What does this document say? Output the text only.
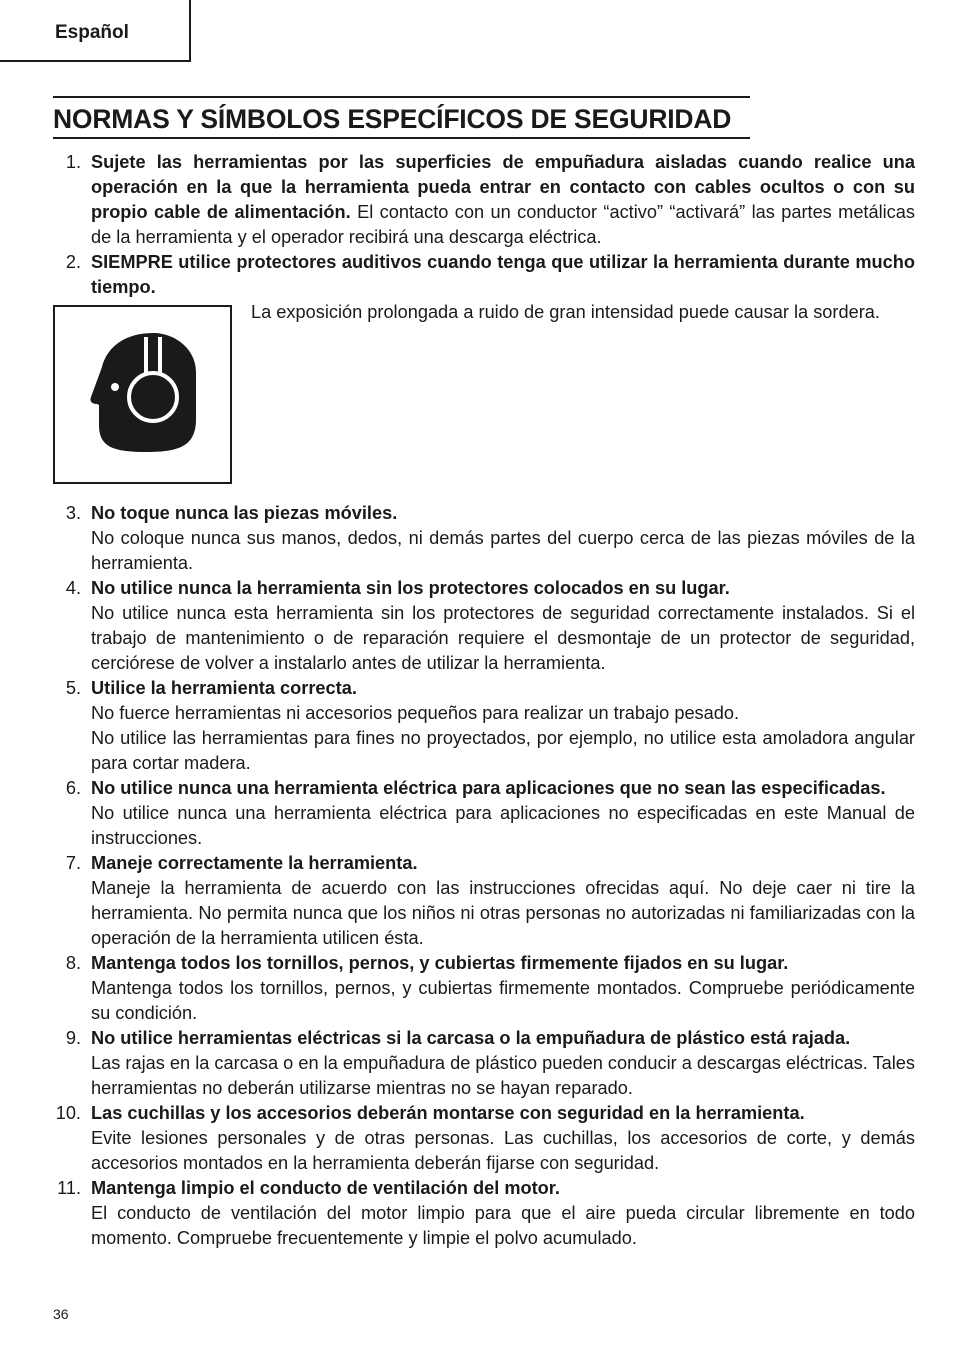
Español
NORMAS Y SÍMBOLOS ESPECÍFICOS DE SEGURIDAD
1. Sujete las herramientas por las superficies de empuñadura aisladas cuando realice una operación en la que la herramienta pueda entrar en contacto con cables ocultos o con su propio cable de alimentación. El contacto con un conductor “activo” “activará” las partes metálicas de la herramienta y el operador recibirá una descarga eléctrica.

2. SIEMPRE utilice protectores auditivos cuando tenga que utilizar la herramienta durante mucho tiempo.

La exposición prolongada a ruido de gran intensidad puede causar la sordera.
3. No toque nunca las piezas móviles.

No coloque nunca sus manos, dedos, ni demás partes del cuerpo cerca de las piezas móviles de la herramienta.

4. No utilice nunca la herramienta sin los protectores colocados en su lugar.

No utilice nunca esta herramienta sin los protectores de seguridad correctamente instalados. Si el trabajo de mantenimiento o de reparación requiere el desmontaje de un protector de seguridad, cerciórese de volver a instalarlo antes de utilizar la herramienta.

5. Utilice la herramienta correcta.

No fuerce herramientas ni accesorios pequeños para realizar un trabajo pesado.

No utilice las herramientas para fines no proyectados, por ejemplo, no utilice esta amoladora angular para cortar madera.

6. No utilice nunca una herramienta eléctrica para aplicaciones que no sean las especificadas.

No utilice nunca una herramienta eléctrica para aplicaciones no especificadas en este Manual de instrucciones.

7. Maneje correctamente la herramienta.

Maneje la herramienta de acuerdo con las instrucciones ofrecidas aquí. No deje caer ni tire la herramienta. No permita nunca que los niños ni otras personas no autorizadas ni familiarizadas con la operación de la herramienta utilicen ésta.

8. Mantenga todos los tornillos, pernos, y cubiertas firmemente fijados en su lugar.

Mantenga todos los tornillos, pernos, y cubiertas firmemente montados. Compruebe periódicamente su condición.

9. No utilice herramientas eléctricas si la carcasa o la empuñadura de plástico está rajada.

Las rajas en la carcasa o en la empuñadura de plástico pueden conducir a descargas eléctricas. Tales herramientas no deberán utilizarse mientras no se hayan reparado.

10. Las cuchillas y los accesorios deberán montarse con seguridad en la herramienta.

Evite lesiones personales y de otras personas. Las cuchillas, los accesorios de corte, y demás accesorios montados en la herramienta deberán fijarse con seguridad.

11. Mantenga limpio el conducto de ventilación del motor.

El conducto de ventilación del motor limpio para que el aire pueda circular libremente en todo momento. Compruebe frecuentemente y limpie el polvo acumulado.

36
